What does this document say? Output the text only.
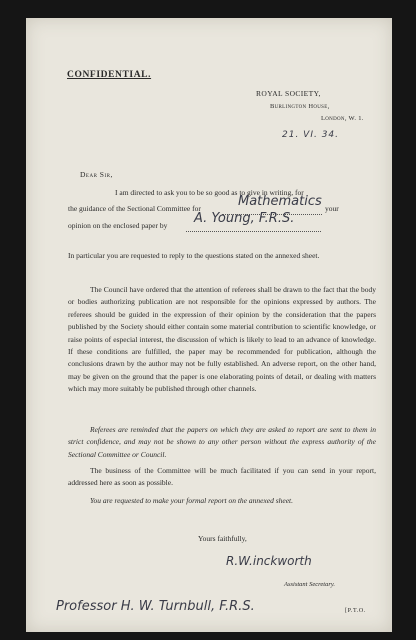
CONFIDENTIAL.
ROYAL SOCIETY,
Burlington House,
London, W. 1.
21. VI. 34.
Dear Sir,
I am directed to ask you to be so good as to give in writing, for
the guidance of the Sectional Committee for	Mathematics your
opinion on the enclosed paper by A. Young, F.R.S.
In particular you are requested to reply to the questions stated on the annexed sheet.
The Council have ordered that the attention of referees shall be drawn to the fact that the body or bodies authorizing publication are not responsible for the opinions expressed by authors. The referees should be guided in the expression of their opinion by the consideration that the papers published by the Society should either contain some material contribution to scientific knowledge, or raise points of especial interest, the discussion of which is likely to lead to an advance of knowledge. If these conditions are fulfilled, the paper may be recommended for publication, although the conclusions drawn by the author may not be fully established. An adverse report, on the other hand, may be given on the ground that the paper is one elaborating points of detail, or dealing with matters which may more suitably be published through other channels.
Referees are reminded that the papers on which they are asked to report are sent to them in strict confidence, and may not be shown to any other person without the express authority of the Sectional Committee or Council.
The business of the Committee will be much facilitated if you can send in your report, addressed here as soon as possible.
You are requested to make your formal report on the annexed sheet.
Yours faithfully,
R.W.inckworth
Assistant Secretary.
Professor H. W. Turnbull, F.R.S.	[P.T.O.
